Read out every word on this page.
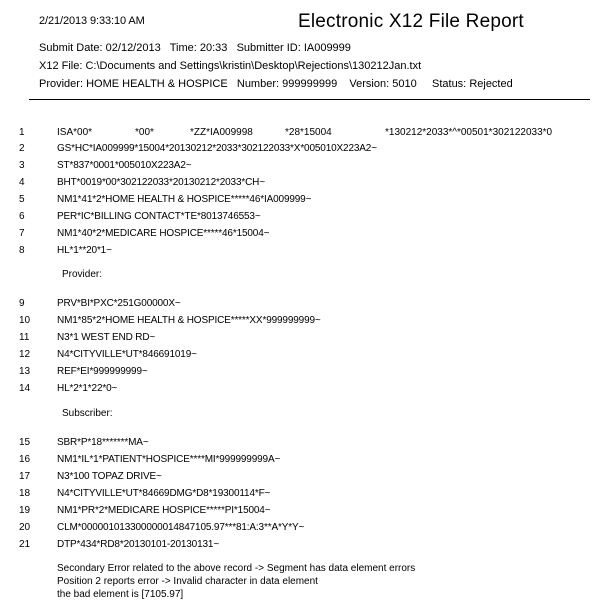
2/21/2013 9:33:10 AM	Electronic X12 File Report
Submit Date: 02/12/2013 Time: 20:33 Submitter ID: IA009999
X12 File: C:\Documents and Settings\kristin\Desktop\Rejections\130212Jan.txt
Provider: HOME HEALTH & HOSPICE Number: 999999999 Version: 5010 Status: Rejected
1	ISA*00*	*00*	*ZZ*IA009998	*28*15004	*130212*2033*^*00501*302122033*0
2	GS*HC*IA009999*15004*20130212*2033*302122033*X*005010X223A2~
3	ST*837*0001*005010X223A2~
4	BHT*0019*00*302122033*20130212*2033*CH~
5	NM1*41*2*HOME HEALTH & HOSPICE*****46*IA009999~
6	PER*IC*BILLING CONTACT*TE*8013746553~
7	NM1*40*2*MEDICARE HOSPICE*****46*15004~
8	HL*1**20*1~
Provider:
9	PRV*BI*PXC*251G00000X~
10	NM1*85*2*HOME HEALTH & HOSPICE*****XX*999999999~
11	N3*1 WEST END RD~
12	N4*CITYVILLE*UT*846691019~
13	REF*EI*999999999~
14	HL*2*1*22*0~
Subscriber:
15	SBR*P*18*******MA~
16	NM1*IL*1*PATIENT*HOSPICE****MI*999999999A~
17	N3*100 TOPAZ DRIVE~
18	N4*CITYVILLE*UT*84669DMG*D8*19300114*F~
19	NM1*PR*2*MEDICARE HOSPICE*****PI*15004~
20	CLM*000001013300000014847105.97***81:A:3**A*Y*Y~
21	DTP*434*RD8*20130101-20130131~
Secondary Error related to the above record -> Segment has data element errors
Position 2 reports error -> Invalid character in data element
the bad element is [7105.97]
